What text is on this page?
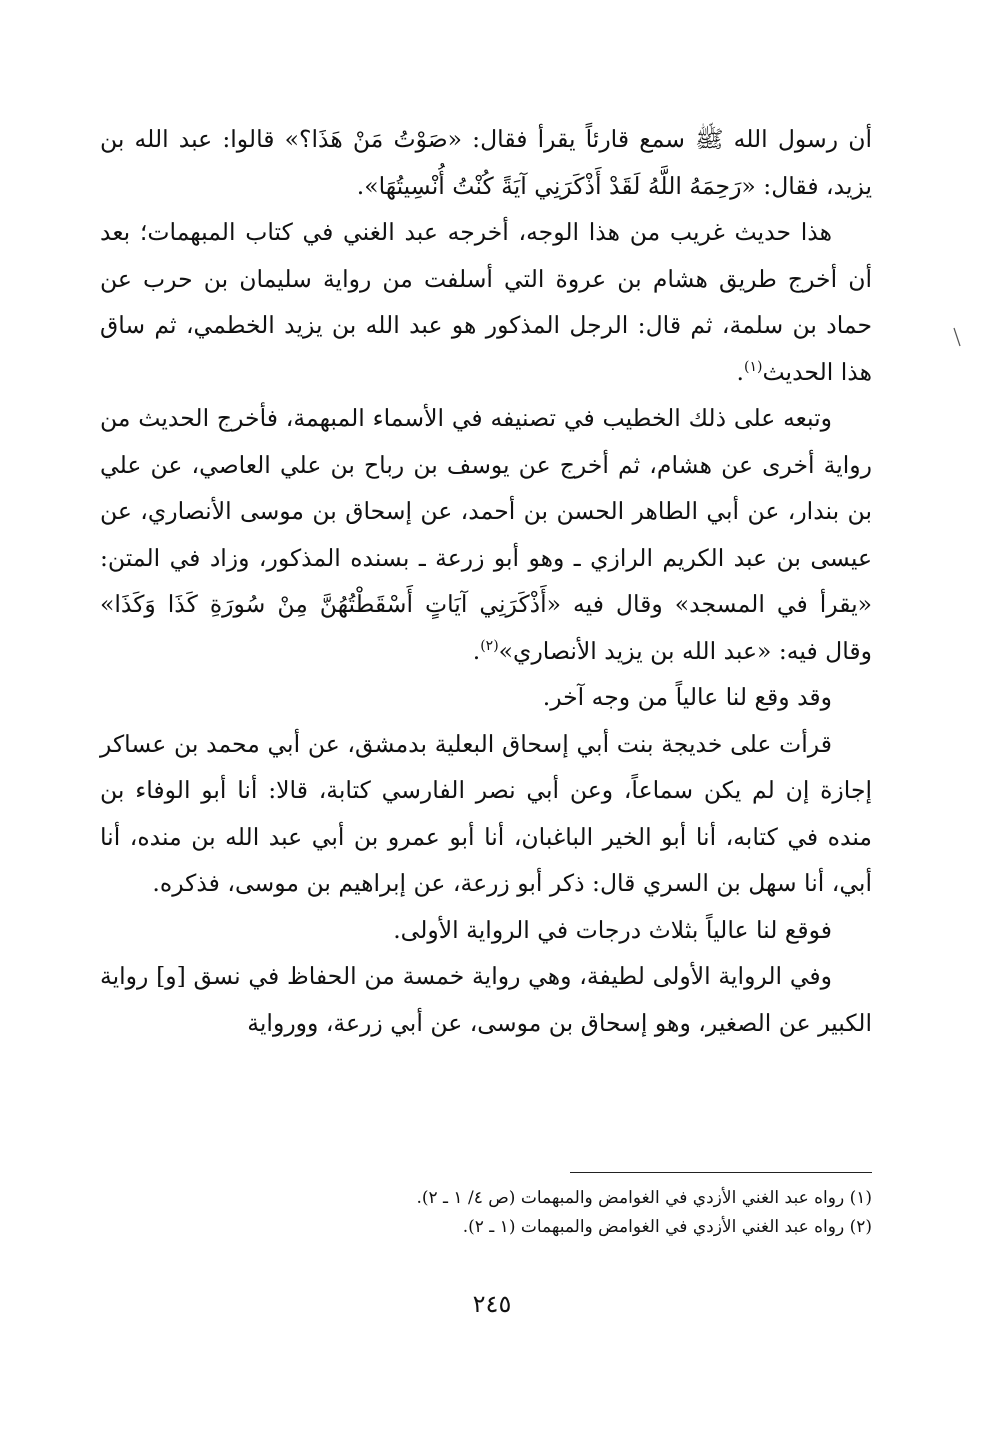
أن رسول الله ﷺ سمع قارئاً يقرأ فقال: «صَوْتُ مَنْ هَذَا؟» قالوا: عبد الله بن يزيد، فقال: «رَحِمَهُ اللَّهُ لَقَدْ أَذْكَرَنِي آيَةً كُنْتُ أُنْسِيتُهَا».

هذا حديث غريب من هذا الوجه، أخرجه عبد الغني في كتاب المبهمات؛ بعد أن أخرج طريق هشام بن عروة التي أسلفت من رواية سليمان بن حرب عن حماد بن سلمة، ثم قال: الرجل المذكور هو عبد الله بن يزيد الخطمي، ثم ساق هذا الحديث$^{(١)}$.

وتبعه على ذلك الخطيب في تصنيفه في الأسماء المبهمة، فأخرج الحديث من رواية أخرى عن هشام، ثم أخرج عن يوسف بن رباح بن علي العاصي، عن علي بن بندار، عن أبي الطاهر الحسن بن أحمد، عن إسحاق بن موسى الأنصاري، عن عيسى بن عبد الكريم الرازي ـ وهو أبو زرعة ـ بسنده المذكور، وزاد في المتن: «يقرأ في المسجد» وقال فيه «أَذْكَرَنِي آيَاتٍ أَسْقَطْتُهُنَّ مِنْ سُورَةِ كَذَا وَكَذَا» وقال فيه: «عبد الله بن يزيد الأنصاري»$^{(٢)}$.

وقد وقع لنا عالياً من وجه آخر.

قرأت على خديجة بنت أبي إسحاق البعلية بدمشق، عن أبي محمد بن عساكر إجازة إن لم يكن سماعاً، وعن أبي نصر الفارسي كتابة، قالا: أنا أبو الوفاء بن منده في كتابه، أنا أبو الخير الباغبان، أنا أبو عمرو بن أبي عبد الله بن منده، أنا أبي، أنا سهل بن السري قال: ذكر أبو زرعة، عن إبراهيم بن موسى، فذكره.

فوقع لنا عالياً بثلاث درجات في الرواية الأولى.

وفي الرواية الأولى لطيفة، وهي رواية خمسة من الحفاظ في نسق [و] رواية الكبير عن الصغير، وهو إسحاق بن موسى، عن أبي زرعة، وورواية

(١) رواه عبد الغني الأزدي في الغوامض والمبهمات (ص ٤/ ١ ـ ٢).

(٢) رواه عبد الغني الأزدي في الغوامض والمبهمات (١ ـ ٢).

٢٤٥
